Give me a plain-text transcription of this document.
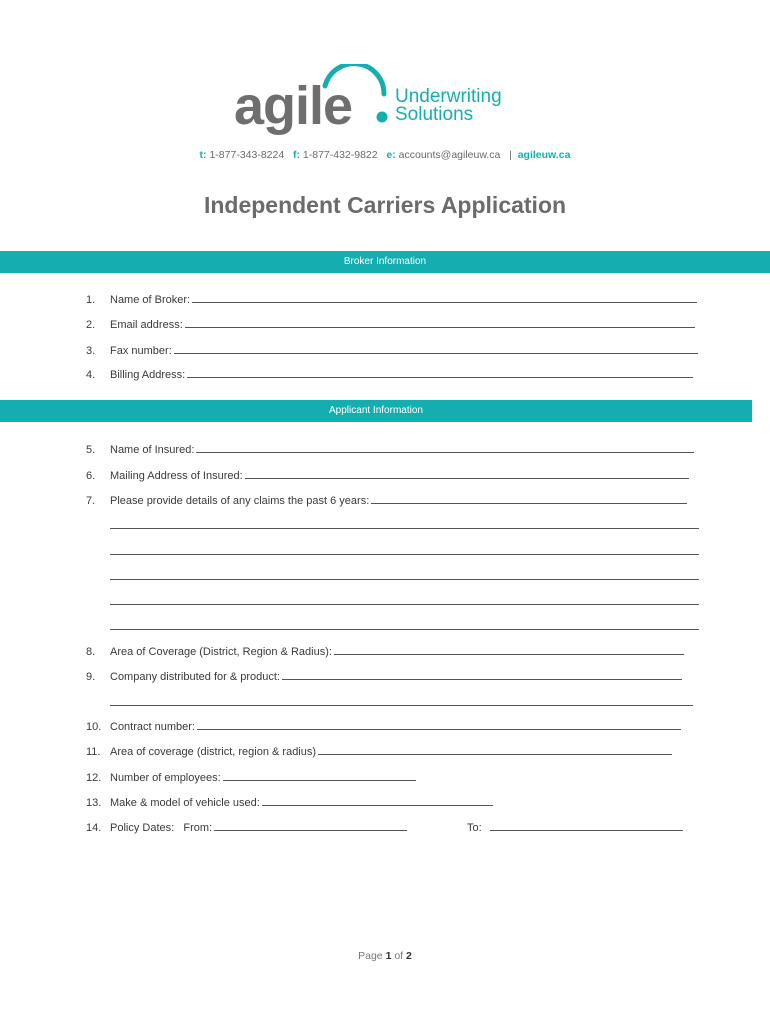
agile Underwriting
Solutions
t: 1-877-343-8224 f: 1-877-432-9822 e: accounts@agileuw.ca | agileuw.ca
Independent Carriers Application
Broker Information
1. Name of Broker:
2. Email address:
3. Fax number:
4. Billing Address:
Applicant Information
5. Name of Insured:
6. Mailing Address of Insured:
7. Please provide details of any claims the past 6 years:
8. Area of Coverage (District, Region & Radius):
9. Company distributed for & product:
10. Contract number:
11. Area of coverage (district, region & radius)
12. Number of employees:
13. Make & model of vehicle used:
14. Policy Dates: From:	To:
Page 1 of 2
